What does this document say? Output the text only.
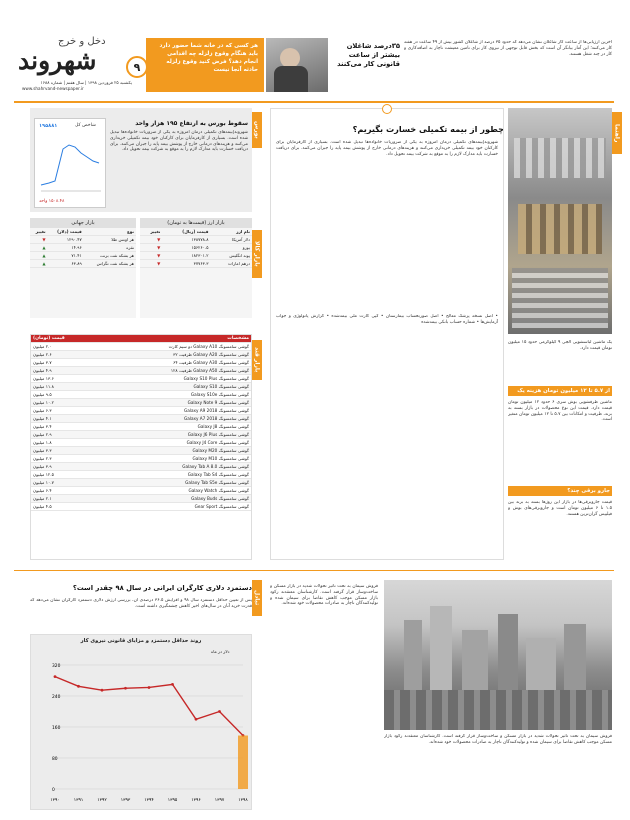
دخل و خرج
شهروند
یکشنبه ۲۵ فروردین ۱۳۹۸ | سال هفتم | شماره ۱۶۸۸
www.shahrvand-newspaper.ir
۹
هر کسی که در خانه شما حضور دارد باید هنگام وقوع زلزله چه اقدامی انجام دهد؟ فرض کنید وقوع زلزله حادثه آنجا نیست
۳۵درصد شاغلان بیشتر از ساعت قانونی کار می‌کنند
آخرین ارزیابی‌ها از ساعت کار شاغلان نشان می‌دهد که حدود ۳۵ درصد از شاغلان کشور بیش از ۴۹ ساعت در هفته کار می‌کنند؛ این آمار بیانگر آن است که بخش قابل توجهی از نیروی کار برای تامین معیشت ناچار به اضافه‌کاری و کار در چند شغل هستند.
راهنما
یک ماشین لباسشویی الجی ۹ کیلوگرمی حدود ۱۵ میلیون تومان قیمت دارد.
از ۵.۷ تا ۱۲ میلیون تومان هزینه یک
ماشین ظرفشویی بوش سری ۶ حدود ۱۲ میلیون تومان قیمت دارد. قیمت این نوع محصولات در بازار بسته به برند، ظرفیت و امکانات بین ۵.۷ تا ۱۲ میلیون تومان متغیر است.
جارو برقی چند؟
قیمت جاروبرقی‌ها در بازار این روزها بسته به برند بین ۱.۵ تا ۶ میلیون تومان است و جاروبرقی‌های بوش و فیلیپس گران‌ترین هستند.
چطور از بیمه تکمیلی خسارت بگیریم؟
شهروند|بیمه‌های تکمیلی درمان امروزه به یکی از ضروریات خانواده‌ها تبدیل شده است. بسیاری از کارفرمایان برای کارکنان خود بیمه تکمیلی خریداری می‌کنند و هزینه‌های درمانی خارج از پوشش بیمه پایه را جبران می‌کنند. برای دریافت خسارت باید مدارک لازم را به موقع به شرکت بیمه تحویل داد.
• اصل نسخه پزشک معالج • اصل صورتحساب بیمارستان • کپی کارت ملی بیمه‌شده • گزارش پاتولوژی و جواب آزمایش‌ها • شماره حساب بانکی بیمه‌شده
بورس
۱۹۵۸۸۱	شاخص کل
۱۵۰۸.۴۸ واحد
سقوط بورس به ارتفاع ۱۹۵ هزار واحد
شهروند|بیمه‌های تکمیلی درمان امروزه به یکی از ضروریات خانواده‌ها تبدیل شده است. بسیاری از کارفرمایان برای کارکنان خود بیمه تکمیلی خریداری می‌کنند و هزینه‌های درمانی خارج از پوشش بیمه پایه را جبران می‌کنند. برای دریافت خسارت باید مدارک لازم را به موقع به شرکت بیمه تحویل داد.
بازار کالا
بازار ارز (قیمت‌ها به تومان)
نام ارز	قیمت (ریال)	تغییر
دلار آمریکا	۱۳۸۷۷۸.۸	▼
یورو	۱۵۶۲۶۰.۵	▼
پوند انگلیس	۱۸۲۳۰۱.۲	▼
درهم امارات	۳۷۷۶۳.۳	▼
بازار جهانی
نوع	قیمت (دلار)	تغییر
هر اونس طلا	۱۲۹۰.۴۷	▼
نقره	۱۴.۹۶	▲
هر بشکه نفت برنت	۷۱.۴۱	▲
هر بشکه نفت تگزاس	۶۳.۸۹	▲
بازار قند
مشخصات	قیمت (تومان)
گوشی سامسونگ Galaxy A10 دو سیم کارت	۲.۰ میلیون
گوشی سامسونگ Galaxy A20 ظرفیت ۳۲	۲.۶ میلیون
گوشی سامسونگ Galaxy A30 ظرفیت ۶۴	۳.۷ میلیون
گوشی سامسونگ Galaxy A50 ظرفیت ۱۲۸	۴.۹ میلیون
گوشی سامسونگ Galaxy S10 Plus	۱۳.۶ میلیون
گوشی سامسونگ Galaxy S10	۱۱.۸ میلیون
گوشی سامسونگ Galaxy S10e	۹.۵ میلیون
گوشی سامسونگ Galaxy Note 9	۱۰.۲ میلیون
گوشی سامسونگ Galaxy A9 2018	۶.۳ میلیون
گوشی سامسونگ Galaxy A7 2018	۴.۱ میلیون
گوشی سامسونگ Galaxy J8	۳.۴ میلیون
گوشی سامسونگ Galaxy J6 Plus	۲.۹ میلیون
گوشی سامسونگ Galaxy J4 Core	۱.۸ میلیون
گوشی سامسونگ Galaxy M20	۳.۳ میلیون
گوشی سامسونگ Galaxy M10	۲.۳ میلیون
گوشی سامسونگ Galaxy Tab A 8.0	۳.۹ میلیون
گوشی سامسونگ Galaxy Tab S4	۱۲.۵ میلیون
گوشی سامسونگ Galaxy Tab S5e	۱۰.۷ میلیون
گوشی سامسونگ Galaxy Watch	۶.۴ میلیون
گوشی سامسونگ Galaxy Buds	۲.۱ میلیون
گوشی سامسونگ Gear Sport	۴.۵ میلیون
تبادل
دستمزد دلاری کارگران ایرانی در سال ۹۸ چقدر است؟
پس از تعیین حداقل دستمزد سال ۹۸ و افزایش ۳۶.۵ درصدی آن، بررسی ارزش دلاری دستمزد کارگران نشان می‌دهد که قدرت خرید آنان در سال‌های اخیر کاهش چشمگیری داشته است.
روند حداقل دستمزد و مزایای قانونی نیروی کار
دلار در ماه
0
80
160
240
320
۱۳۹۰	۱۳۹۱	۱۳۹۲	۱۳۹۳	۱۳۹۴	۱۳۹۵	۱۳۹۶	۱۳۹۷	۱۳۹۸
فروش سیمان به تحت تاثیر تحولات شدید در بازار مسکن و ساخت‌وساز قرار گرفته است. کارشناسان معتقدند رکود بازار مسکن موجب کاهش تقاضا برای سیمان شده و تولیدکنندگان ناچار به صادرات محصولات خود شده‌اند.
فروش سیمان به تحت تاثیر تحولات شدید در بازار مسکن و ساخت‌وساز قرار گرفته است. کارشناسان معتقدند رکود بازار مسکن موجب کاهش تقاضا برای سیمان شده و تولیدکنندگان ناچار به صادرات محصولات خود شده‌اند.
